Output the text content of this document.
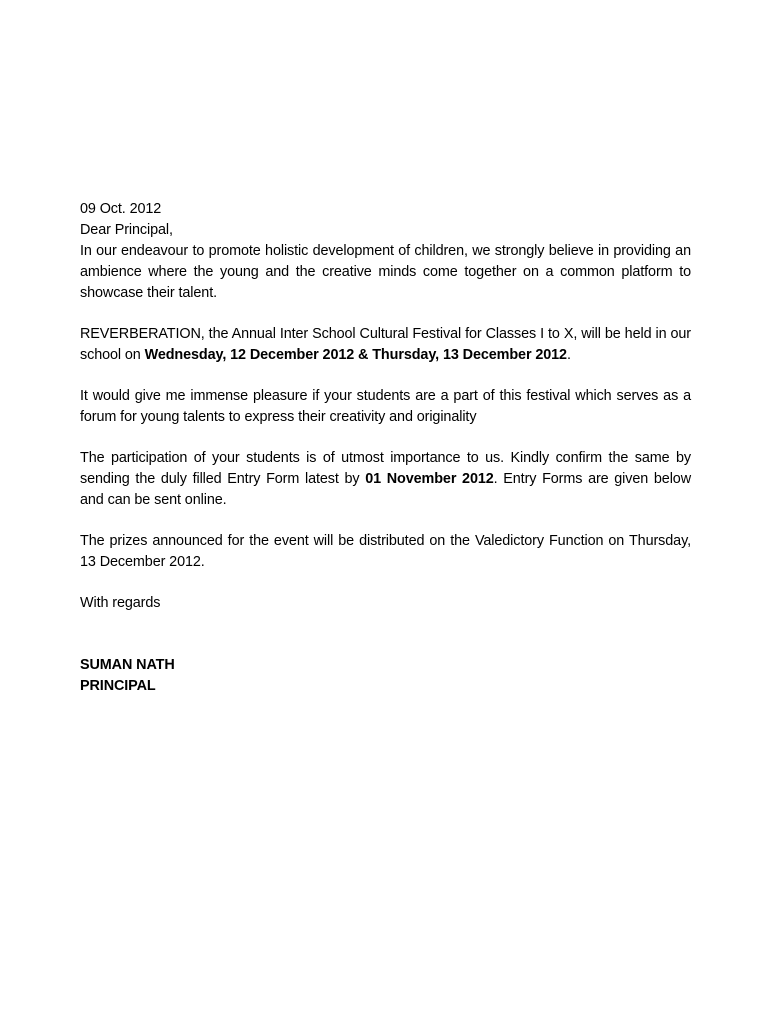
09 Oct. 2012

Dear Principal,

In our endeavour to promote holistic development of children, we strongly believe in providing an ambience where the young and the creative minds come together on a common platform to showcase their talent.

REVERBERATION, the Annual Inter School Cultural Festival for Classes I to X, will be held in our school on Wednesday, 12 December 2012 & Thursday, 13 December 2012.

It would give me immense pleasure if your students are a part of this festival which serves as a forum for young talents to express their creativity and originality

The participation of your students is of utmost importance to us. Kindly confirm the same by sending the duly filled Entry Form latest by 01 November 2012. Entry Forms are given below and can be sent online.

The prizes announced for the event will be distributed on the Valedictory Function on Thursday, 13 December 2012.

With regards

SUMAN NATH

PRINCIPAL
